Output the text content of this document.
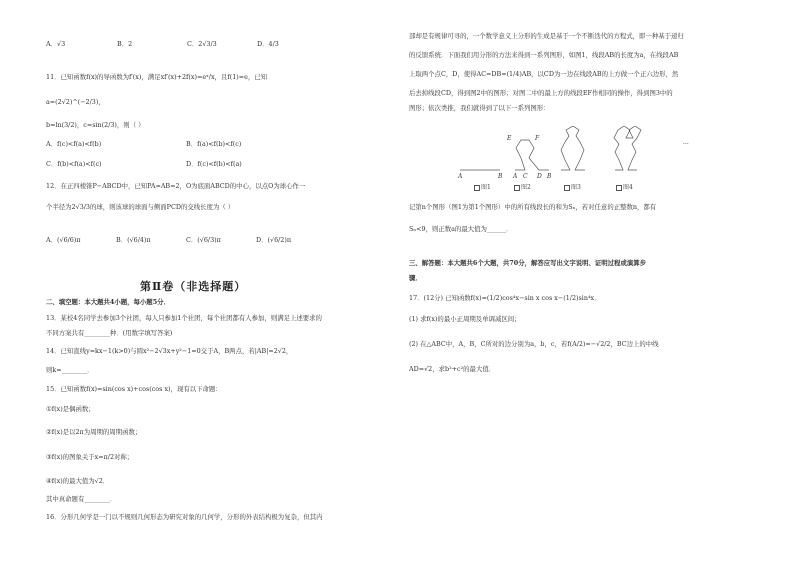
A．√3	B．2	C．2√3/3	D．4/3
11．已知函数f(x)的导函数为f′(x)，满足xf′(x)+2f(x)=eˣ/x，且f(1)=e，已知
a=(2√2)^(−2/3)，
b=ln(3/2)，c=sin(2/3)，则（ ）
A．f(c)<f(a)<f(b)	B．f(a)<f(b)<f(c)
C．f(b)<f(a)<f(c)	D．f(c)<f(b)<f(a)
12．在正四棱锥P−ABCD中，已知PA=AB=2，O为底面ABCD的中心，以点O为球心作一
个半径为2√3/3的球，则该球的球面与侧面PCD的交线长度为（ ）
A．(√6/6)π	B．(√6/4)π	C．(√6/3)π	D．(√6/2)π
第Ⅱ卷（非选择题）
二、填空题：本大题共4小题，每小题5分．
13．某校4名同学去参加3个社团，每人只参加1个社团，每个社团都有人参加，则满足上述要求的
不同方案共有________种．(用数字填写答案)
14．已知直线y=kx−1(k>0)与圆x²−2√3x+y²−1=0交于A，B两点，若|AB|=2√2，
则k=________．
15．已知函数f(x)=sin(cos x)+cos(cos x)，现有以下命题：
①f(x)是偶函数；
②f(x)是以2π为周期的周期函数；
③f(x)的图象关于x=π/2对称；
④f(x)的最大值为√2．
其中真命题有________．
16．分形几何学是一门以不规则几何形态为研究对象的几何学，分形的外表结构极为复杂，但其内
部却是有规律可寻的，一个数学意义上分形的生成是基于一个不断迭代的方程式，即一种基于递归
的反馈系统．下面我们用分形的方法来得到一系列图形，如图1，线段AB的长度为a，在线段AB
上取两个点C，D，使得AC=DB=(1/4)AB，以CD为一边在线段AB的上方做一个正六边形，然
后去掉线段CD，得到图2中的图形；对图二中的最上方的线段EF作相同的操作，得到图3中的
图形；依次类推，我们就得到了以下一系列图形：
E	F
A	B A C D B
···
图1	图2	图3	图4
记第n个图形（图1为第1个图形）中的所有线段长的和为Sₙ，若对任意的正整数n，都有
Sₙ<9，则正数a的最大值为______．
三、解答题：本大题共6个大题，共70分，解答应写出文字说明、证明过程或演算步
骤．
17．(12分) 已知函数f(x)=(1/2)cos⁴x−sin x cos x−(1/2)sin⁴x．
(1) 求f(x)的最小正周期及单调减区间；
(2) 在△ABC中，A，B，C所对的边分别为a，b，c，若f(A/2)=−√2/2，BC边上的中线
AD=√2，求b²+c²的最大值．
